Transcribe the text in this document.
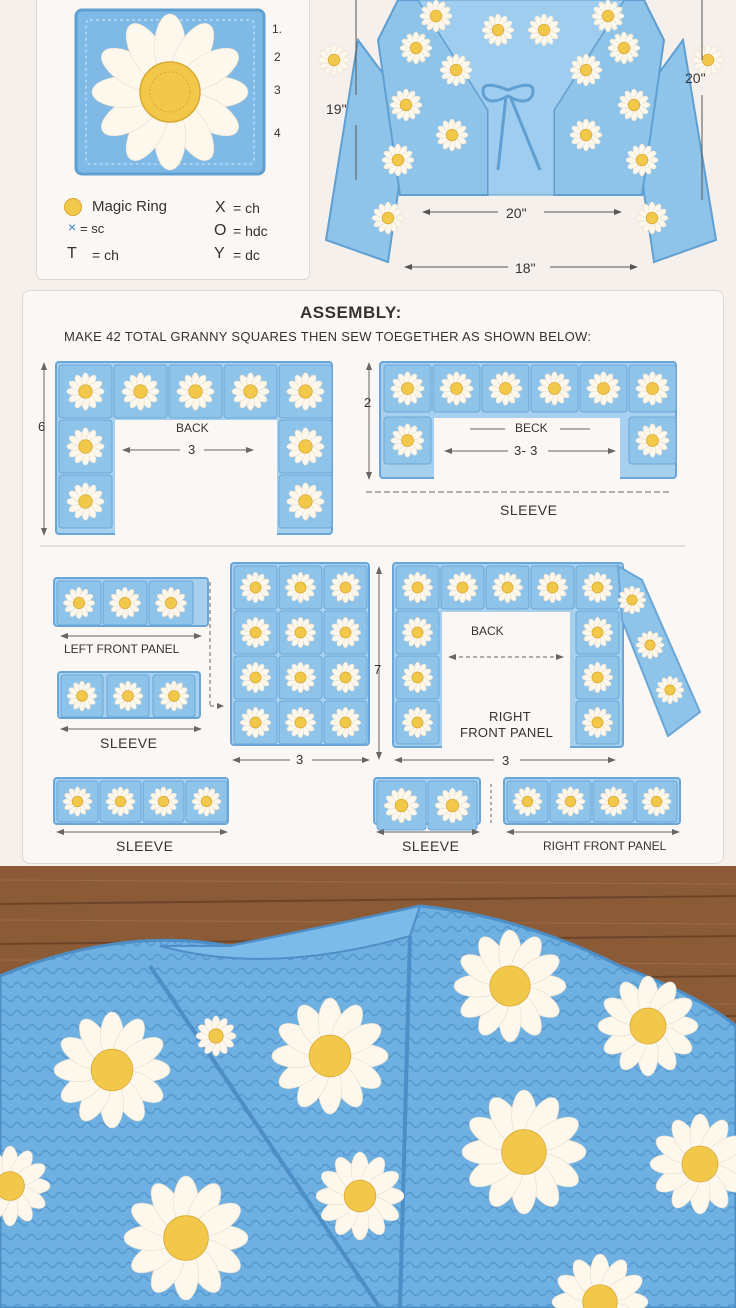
1.
2
3
4
Magic Ring
× = sc
T = ch
X = ch
O = hdc
Y = dc
19"
20"
20"
18"
ASSEMBLY:
MAKE 42 TOTAL GRANNY SQUARES THEN SEW TOEGETHER AS SHOWN BELOW:
6	BACK
3
2
BECK
3- 3
SLEEVE
LEFT FRONT PANEL
SLEEVE
7
3
BACK
RIGHT
FRONT PANEL
3
SLEEVE	SLEEVE	RIGHT FRONT PANEL
